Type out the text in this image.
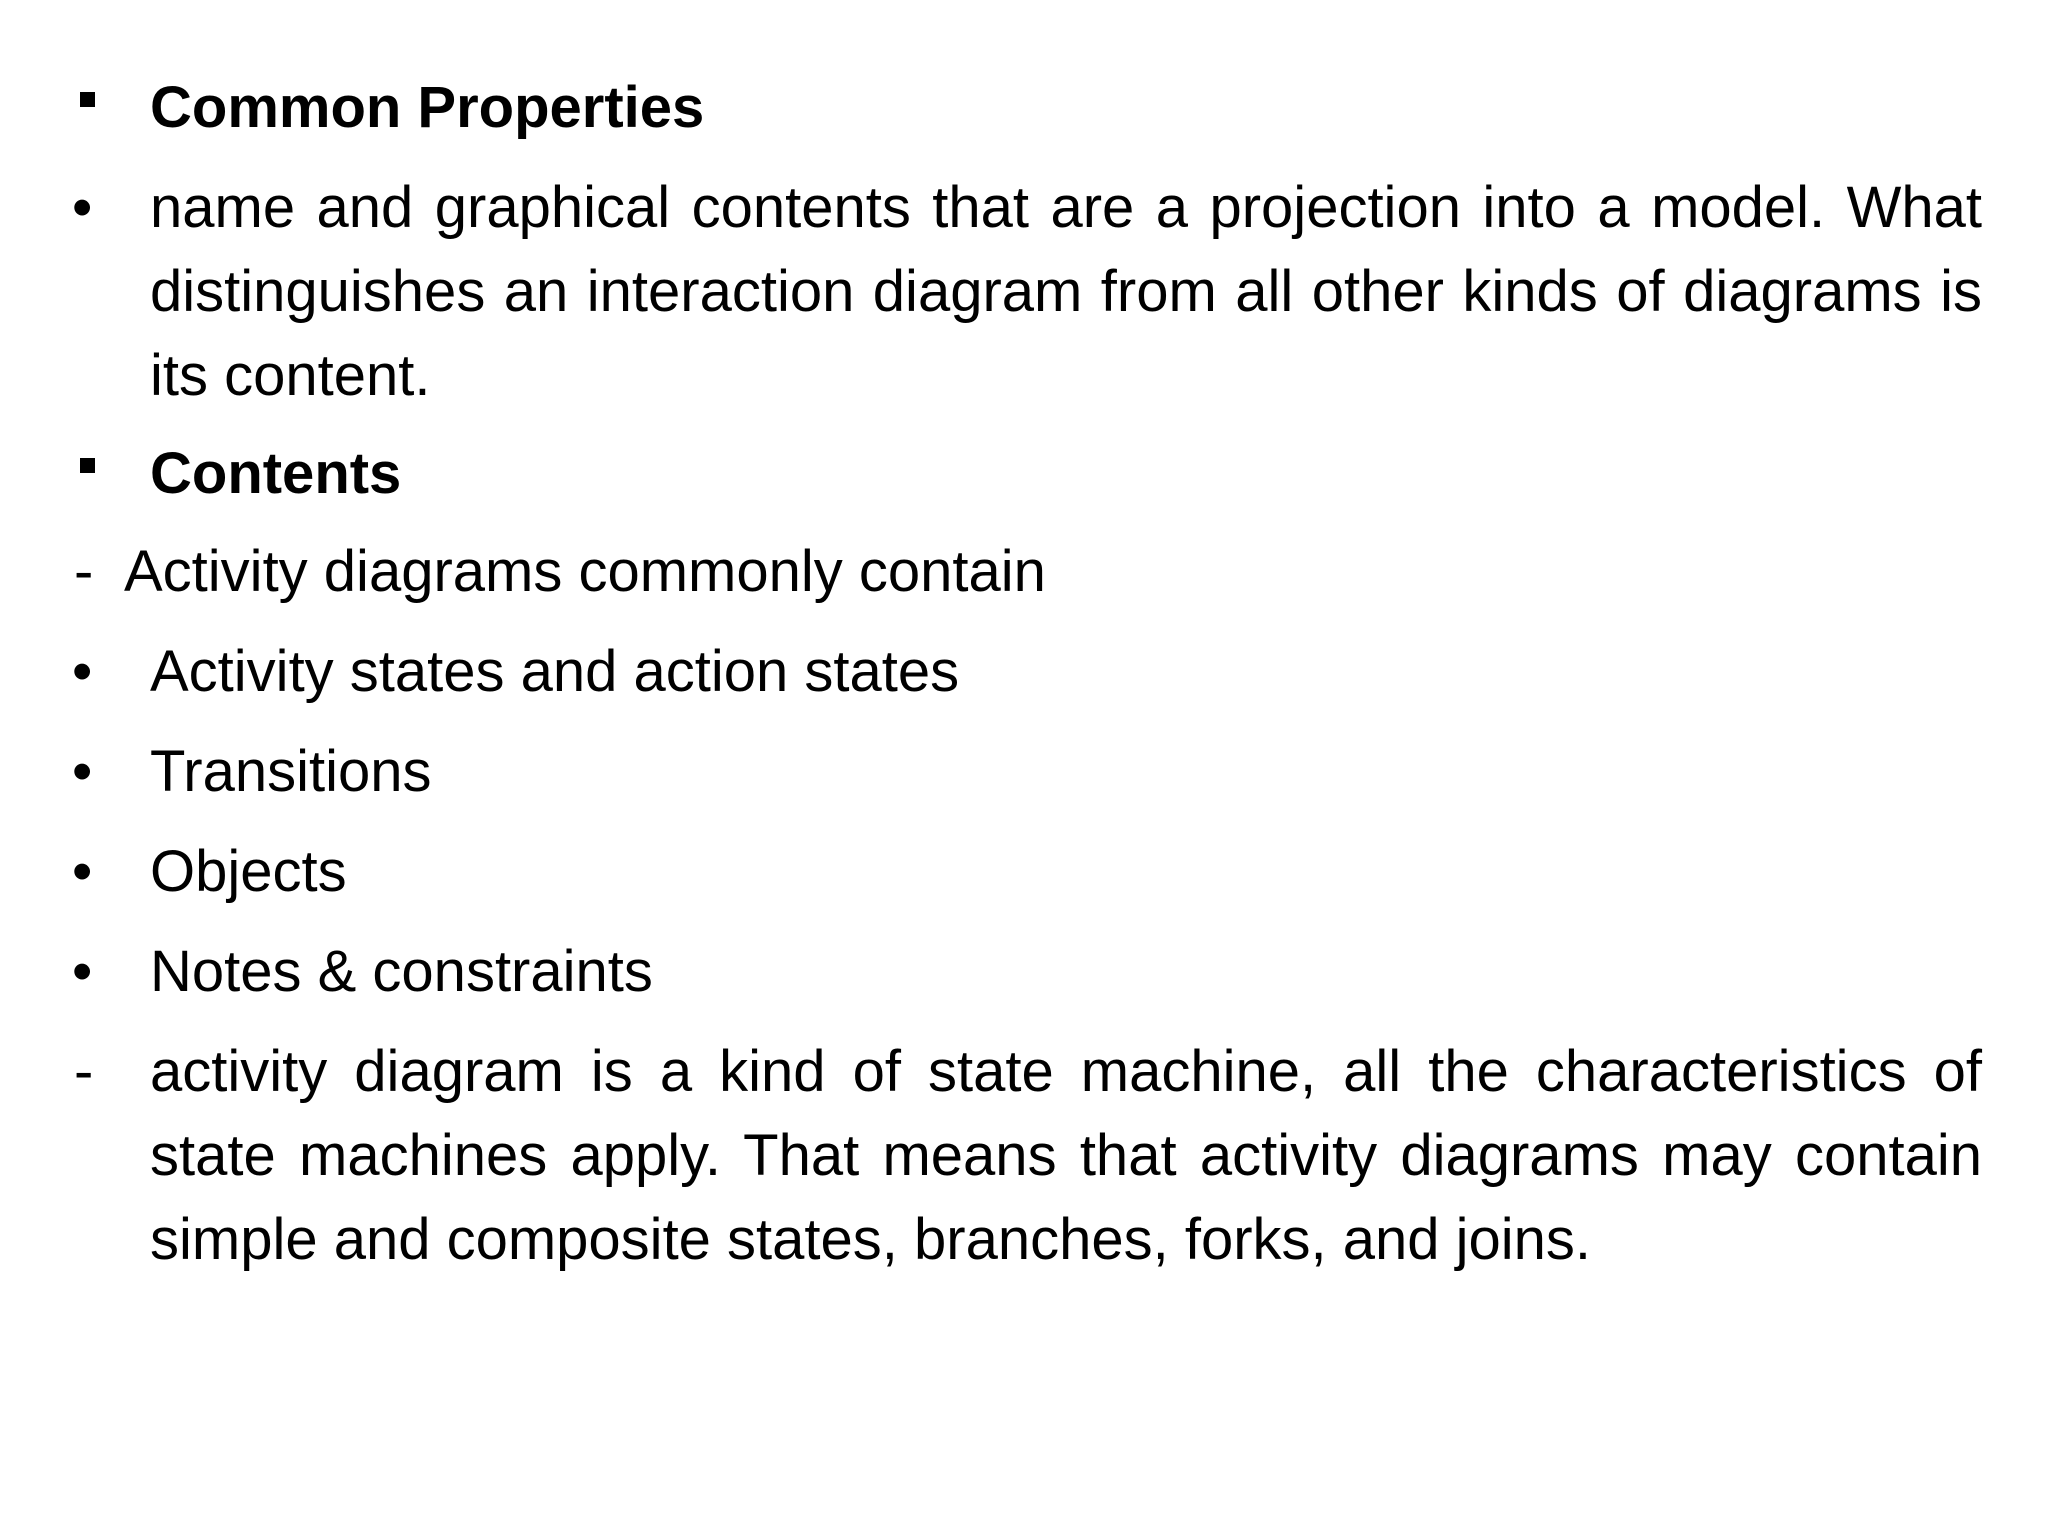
Common Properties
• name and graphical contents that are a projection into a model. What distinguishes an interaction diagram from all other kinds of diagrams is its content.
Contents
- Activity diagrams commonly contain
• Activity states and action states
• Transitions
• Objects
• Notes & constraints
- activity diagram is a kind of state machine, all the characteristics of state machines apply. That means that activity diagrams may contain simple and composite states, branches, forks, and joins.
